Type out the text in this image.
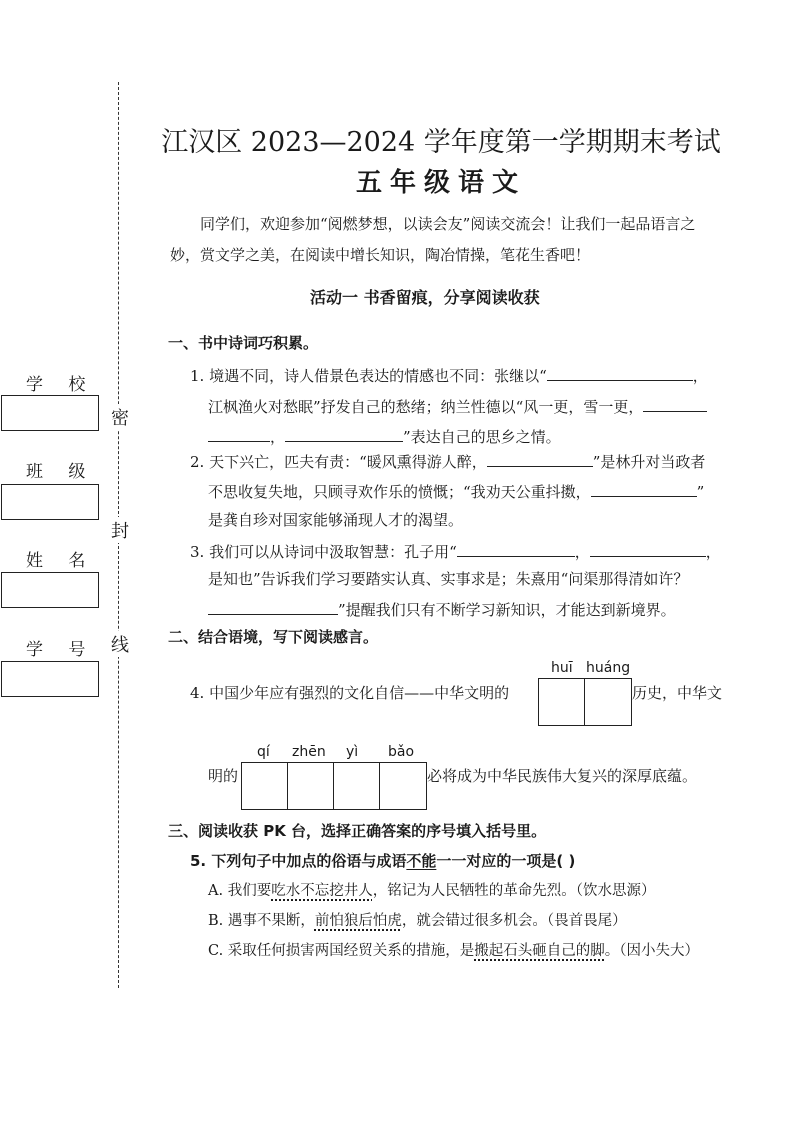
学 校
班 级
姓 名
学 号
密
封
线
江汉区 2023—2024 学年度第一学期期末考试
五年级语文
同学们，欢迎参加“阅燃梦想，以读会友”阅读交流会！让我们一起品语言之
妙，赏文学之美，在阅读中增长知识，陶冶情操，笔花生香吧！
活动一 书香留痕，分享阅读收获
一、书中诗词巧积累。
1. 境遇不同，诗人借景色表达的情感也不同：张继以“	，
江枫渔火对愁眠”抒发自己的愁绪；纳兰性德以“风一更，雪一更，
，	”表达自己的思乡之情。
2. 天下兴亡，匹夫有责：“暖风熏得游人醉，	”是林升对当政者
不思收复失地，只顾寻欢作乐的愤慨；“我劝天公重抖擞，	”
是龚自珍对国家能够涌现人才的渴望。
3. 我们可以从诗词中汲取智慧：孔子用“	，	，
是知也”告诉我们学习要踏实认真、实事求是；朱熹用“问渠那得清如许？
”提醒我们只有不断学习新知识，才能达到新境界。
二、结合语境，写下阅读感言。
huī huáng
4. 中国少年应有强烈的文化自信——中华文明的	历史，中华文
qí zhēn yì bǎo
明的	必将成为中华民族伟大复兴的深厚底蕴。
三、阅读收获 PK 台，选择正确答案的序号填入括号里。
5. 下列句子中加点的俗语与成语不能一一对应的一项是( )
A. 我们要吃水不忘挖井人，铭记为人民牺牲的革命先烈。（饮水思源）
B. 遇事不果断，前怕狼后怕虎，就会错过很多机会。（畏首畏尾）
C. 采取任何损害两国经贸关系的措施，是搬起石头砸自己的脚。（因小失大）
